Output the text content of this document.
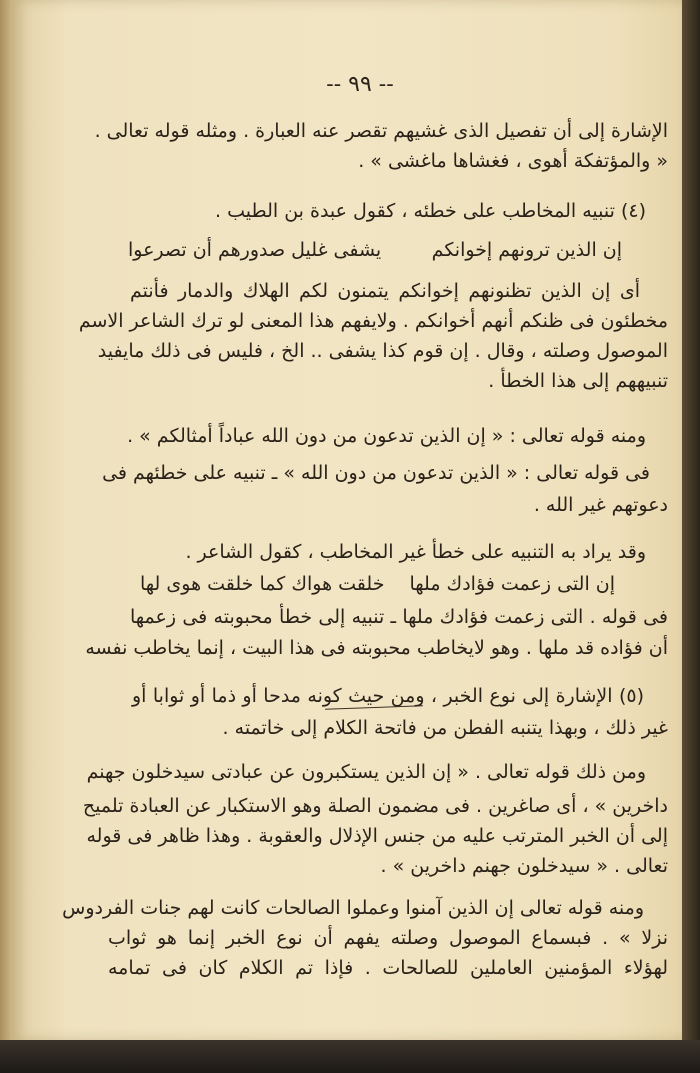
-- ٩٩ --
الإشارة إلى أن تفصيل الذى غشيهم تقصر عنه العبارة . ومثله قوله تعالى .
« والمؤتفكة أهوى ، فغشاها ماغشى » .
(٤) تنبيه المخاطب على خطئه ، كقول عبدة بن الطيب .
إن الذين ترونهم إخوانكم
يشفى غليل صدورهم أن تصرعوا
أى إن الذين تظنونهم إخوانكم يتمنون لكم الهلاك والدمار فأنتم
مخطئون فى ظنكم أنهم أخوانكم . ولايفهم هذا المعنى لو ترك الشاعر الاسم
الموصول وصلته ، وقال . إن قوم كذا يشفى .. الخ ، فليس فى ذلك مايفيد
تنبيههم إلى هذا الخطأ .
ومنه قوله تعالى : « إن الذين تدعون من دون الله عباداً أمثالكم » .
فى قوله تعالى : « الذين تدعون من دون الله » ـ تنبيه على خطئهم فى
دعوتهم غير الله .
وقد يراد به التنبيه على خطأ غير المخاطب ، كقول الشاعر .
إن التى زعمت فؤادك ملها
خلقت هواك كما خلقت هوى لها
فى قوله . التى زعمت فؤادك ملها ـ تنبيه إلى خطأ محبوبته فى زعمها
أن فؤاده قد ملها . وهو لايخاطب محبوبته فى هذا البيت ، إنما يخاطب نفسه
(٥) الإشارة إلى نوع الخبر ، ومن حيث كونه مدحا أو ذما أو ثوابا أو
غير ذلك ، وبهذا يتنبه الفطن من فاتحة الكلام إلى خاتمته .
ومن ذلك قوله تعالى . « إن الذين يستكبرون عن عبادتى سيدخلون جهنم
داخرين » ، أى صاغرين . فى مضمون الصلة وهو الاستكبار عن العبادة تلميح
إلى أن الخبر المترتب عليه من جنس الإذلال والعقوبة . وهذا ظاهر فى قوله
تعالى . « سيدخلون جهنم داخرين » .
ومنه قوله تعالى إن الذين آمنوا وعملوا الصالحات كانت لهم جنات الفردوس
نزلا » . فبسماع الموصول وصلته يفهم أن نوع الخبر إنما هو ثواب
لهؤلاء المؤمنين العاملين للصالحات . فإذا تم الكلام كان فى تمامه
